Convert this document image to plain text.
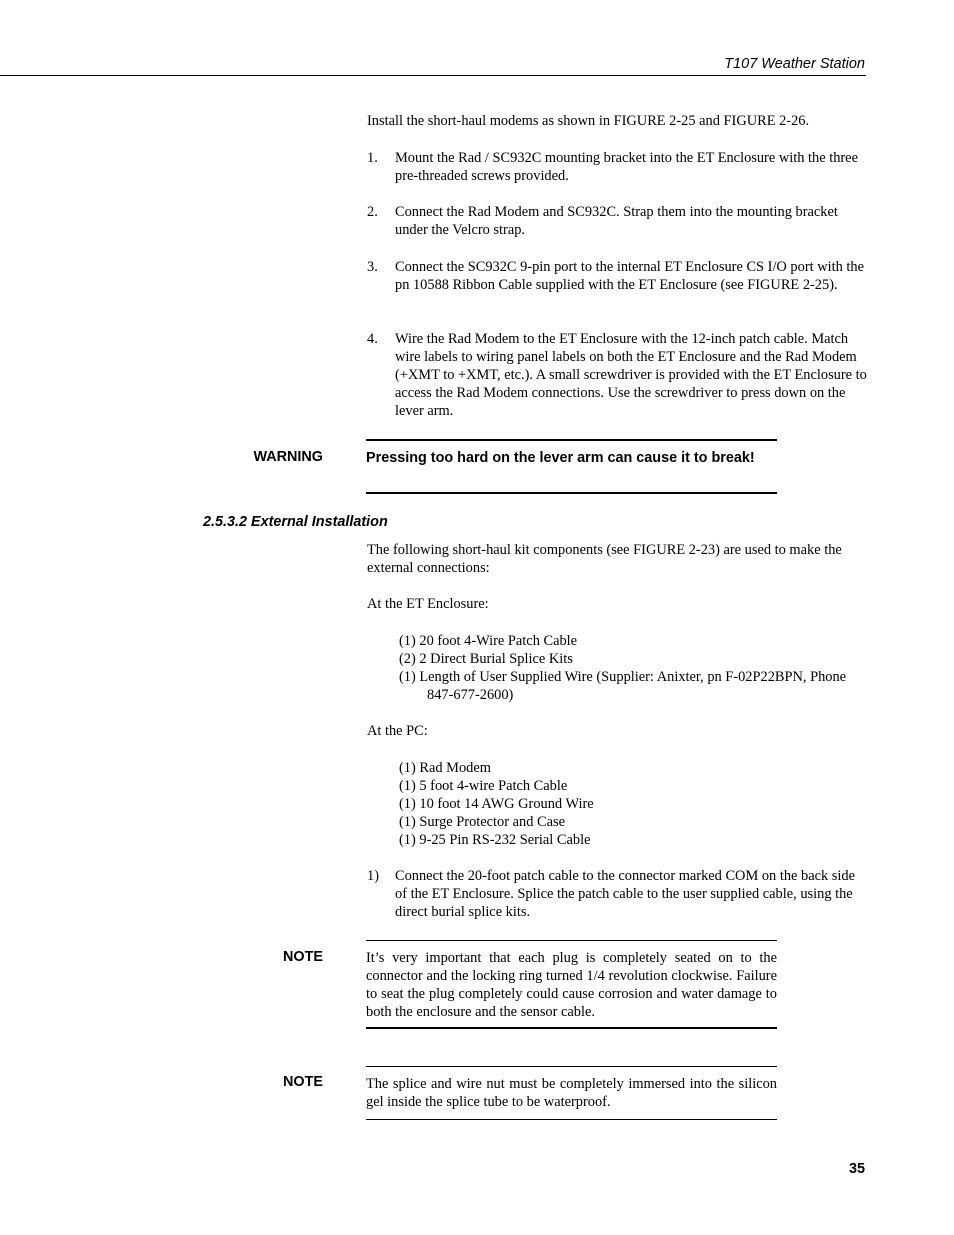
T107 Weather Station
Install the short-haul modems as shown in FIGURE 2-25 and FIGURE 2-26.
1. Mount the Rad / SC932C mounting bracket into the ET Enclosure with the three pre-threaded screws provided.
2. Connect the Rad Modem and SC932C. Strap them into the mounting bracket under the Velcro strap.
3. Connect the SC932C 9-pin port to the internal ET Enclosure CS I/O port with the pn 10588 Ribbon Cable supplied with the ET Enclosure (see FIGURE 2-25).
4. Wire the Rad Modem to the ET Enclosure with the 12-inch patch cable. Match wire labels to wiring panel labels on both the ET Enclosure and the Rad Modem (+XMT to +XMT, etc.). A small screwdriver is provided with the ET Enclosure to access the Rad Modem connections. Use the screwdriver to press down on the lever arm.
WARNING	Pressing too hard on the lever arm can cause it to break!
2.5.3.2 External Installation
The following short-haul kit components (see FIGURE 2-23) are used to make the external connections:
At the ET Enclosure:
(1) 20 foot 4-Wire Patch Cable
(2) 2 Direct Burial Splice Kits
(1) Length of User Supplied Wire (Supplier: Anixter, pn F-02P22BPN, Phone 847-677-2600)
At the PC:
(1) Rad Modem
(1) 5 foot 4-wire Patch Cable
(1) 10 foot 14 AWG Ground Wire
(1) Surge Protector and Case
(1) 9-25 Pin RS-232 Serial Cable
1) Connect the 20-foot patch cable to the connector marked COM on the back side of the ET Enclosure. Splice the patch cable to the user supplied cable, using the direct burial splice kits.
NOTE	It’s very important that each plug is completely seated on to the connector and the locking ring turned 1/4 revolution clockwise. Failure to seat the plug completely could cause corrosion and water damage to both the enclosure and the sensor cable.
NOTE	The splice and wire nut must be completely immersed into the silicon gel inside the splice tube to be waterproof.
35
